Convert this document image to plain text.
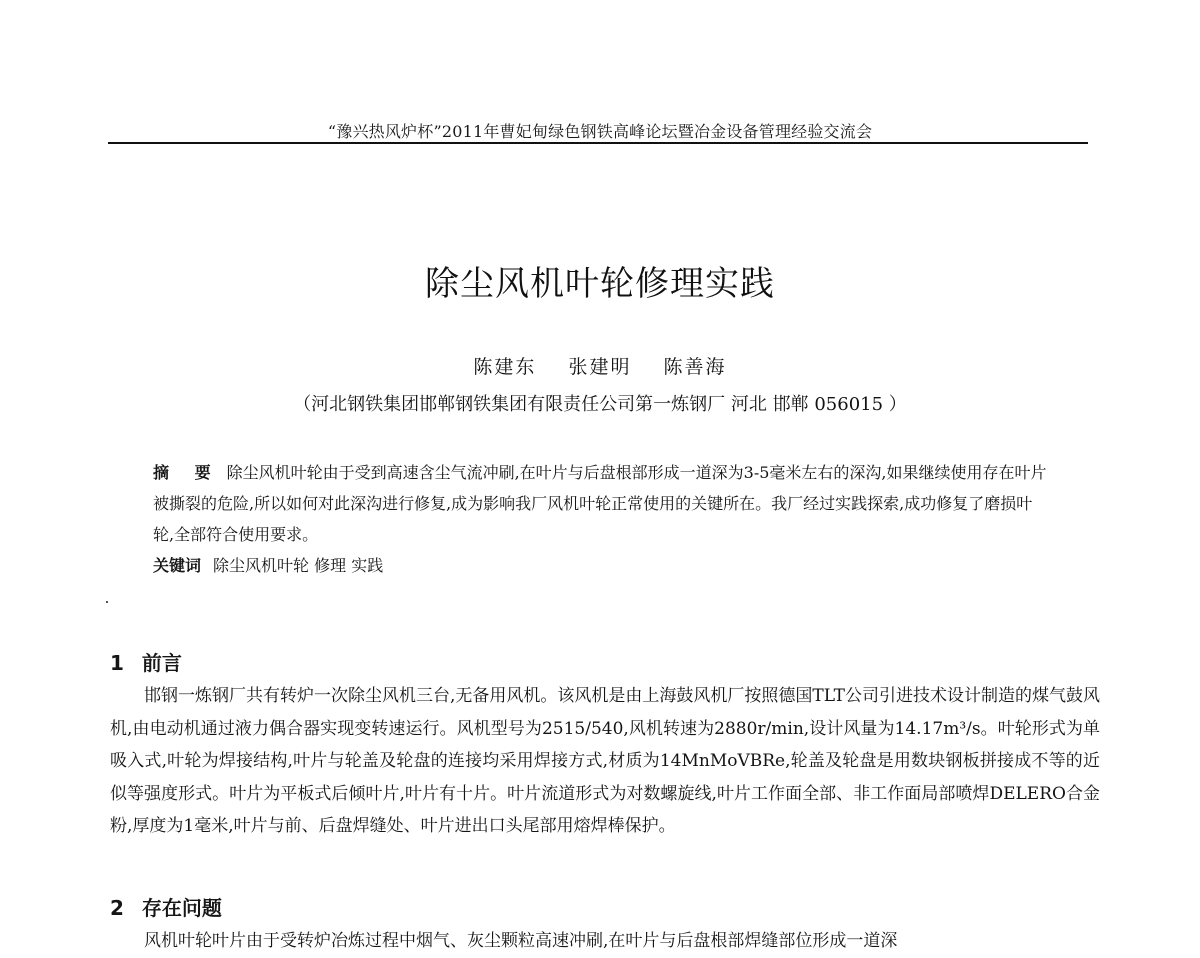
“豫兴热风炉杯”2011年曹妃甸绿色钢铁高峰论坛暨冶金设备管理经验交流会
除尘风机叶轮修理实践
陈建东 张建明 陈善海
（河北钢铁集团邯郸钢铁集团有限责任公司第一炼钢厂 河北 邯郸 056015 ）

摘 要 除尘风机叶轮由于受到高速含尘气流冲刷,在叶片与后盘根部形成一道深为3-5毫米左右的深沟,如果继续使用存在叶片被撕裂的危险,所以如何对此深沟进行修复,成为影响我厂风机叶轮正常使用的关键所在。我厂经过实践探索,成功修复了磨损叶轮,全部符合使用要求。

关键词 除尘风机叶轮 修理 实践

1 前言

邯钢一炼钢厂共有转炉一次除尘风机三台,无备用风机。该风机是由上海鼓风机厂按照德国TLT公司引进技术设计制造的煤气鼓风机,由电动机通过液力偶合器实现变转速运行。风机型号为2515/540,风机转速为2880r/min,设计风量为14.17m³/s。叶轮形式为单吸入式,叶轮为焊接结构,叶片与轮盖及轮盘的连接均采用焊接方式,材质为14MnMoVBRe,轮盖及轮盘是用数块钢板拼接成不等的近似等强度形式。叶片为平板式后倾叶片,叶片有十片。叶片流道形式为对数螺旋线,叶片工作面全部、非工作面局部喷焊DELERO合金粉,厚度为1毫米,叶片与前、后盘焊缝处、叶片进出口头尾部用熔焊棒保护。

2 存在问题

风机叶轮叶片由于受转炉冶炼过程中烟气、灰尘颗粒高速冲刷,在叶片与后盘根部焊缝部位形成一道深
